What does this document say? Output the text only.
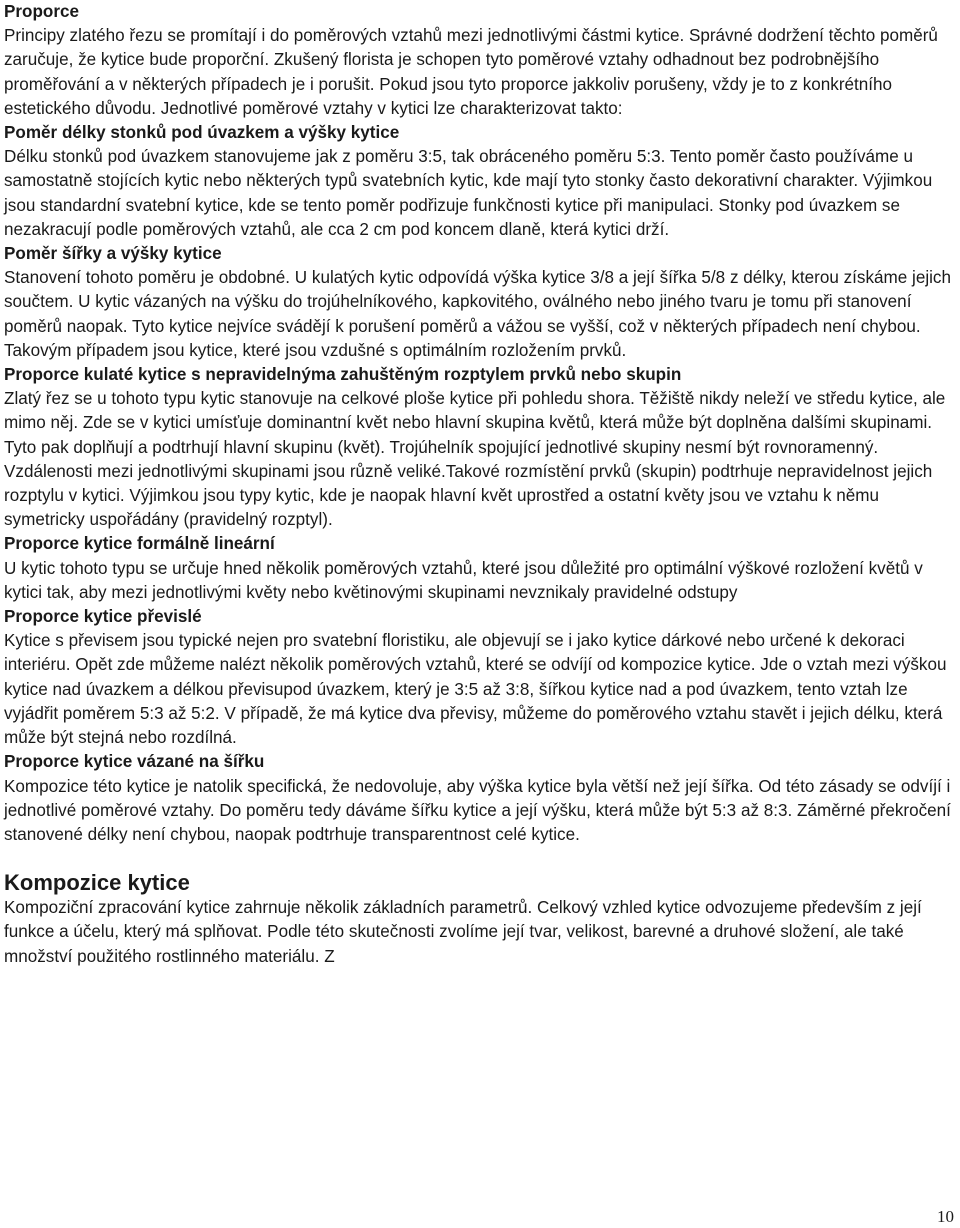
Proporce

Principy zlatého řezu se promítají i do poměrových vztahů mezi jednotlivými částmi kytice. Správné dodržení těchto poměrů zaručuje, že kytice bude proporční. Zkušený florista je schopen tyto poměrové vztahy odhadnout bez podrobnějšího proměřování a v některých případech je i porušit. Pokud jsou tyto proporce jakkoliv porušeny, vždy je to z konkrétního estetického důvodu. Jednotlivé poměrové vztahy v kytici lze charakterizovat takto:

Poměr délky stonků pod úvazkem a výšky kytice

Délku stonků pod úvazkem stanovujeme jak z poměru 3:5, tak obráceného poměru 5:3. Tento poměr často používáme u samostatně stojících kytic nebo některých typů svatebních kytic, kde mají tyto stonky často dekorativní charakter. Výjimkou jsou standardní svatební kytice, kde se tento poměr podřizuje funkčnosti kytice při manipulaci. Stonky pod úvazkem se nezakracují podle poměrových vztahů, ale cca 2 cm pod koncem dlaně, která kytici drží.

Poměr šířky a výšky kytice

Stanovení tohoto poměru je obdobné. U kulatých kytic odpovídá výška kytice 3/8 a její šířka 5/8 z délky, kterou získáme jejich součtem. U kytic vázaných na výšku do trojúhelníkového, kapkovitého, oválného nebo jiného tvaru je tomu při stanovení poměrů naopak. Tyto kytice nejvíce svádějí k porušení poměrů a vážou se vyšší, což v některých případech není chybou. Takovým případem jsou kytice, které jsou vzdušné s optimálním rozložením prvků.

Proporce kulaté kytice s nepravidelnýma zahuštěným rozptylem prvků nebo skupin

Zlatý řez se u tohoto typu kytic stanovuje na celkové ploše kytice při pohledu shora. Těžiště nikdy neleží ve středu kytice, ale mimo něj. Zde se v kytici umísťuje dominantní květ nebo hlavní skupina květů, která může být doplněna dalšími skupinami. Tyto pak doplňují a podtrhují hlavní skupinu (květ). Trojúhelník spojující jednotlivé skupiny nesmí být rovnoramenný. Vzdálenosti mezi jednotlivými skupinami jsou různě veliké.Takové rozmístění prvků (skupin) podtrhuje nepravidelnost jejich rozptylu v kytici. Výjimkou jsou typy kytic, kde je naopak hlavní květ uprostřed a ostatní květy jsou ve vztahu k němu symetricky uspořádány (pravidelný rozptyl).

Proporce kytice formálně lineární

U kytic tohoto typu se určuje hned několik poměrových vztahů, které jsou důležité pro optimální výškové rozložení květů v kytici tak, aby mezi jednotlivými květy nebo květinovými skupinami nevznikaly pravidelné odstupy

Proporce kytice převislé

Kytice s převisem jsou typické nejen pro svatební floristiku, ale objevují se i jako kytice dárkové nebo určené k dekoraci interiéru. Opět zde můžeme nalézt několik poměrových vztahů, které se odvíjí od kompozice kytice. Jde o vztah mezi výškou kytice nad úvazkem a délkou převisupod úvazkem, který je 3:5 až 3:8, šířkou kytice nad a pod úvazkem, tento vztah lze vyjádřit poměrem 5:3 až 5:2. V případě, že má kytice dva převisy, můžeme do poměrového vztahu stavět i jejich délku, která může být stejná nebo rozdílná.

Proporce kytice vázané na šířku

Kompozice této kytice je natolik specifická, že nedovoluje, aby výška kytice byla větší než její šířka. Od této zásady se odvíjí i jednotlivé poměrové vztahy. Do poměru tedy dáváme šířku kytice a její výšku, která může být 5:3 až 8:3. Záměrné překročení stanovené délky není chybou, naopak podtrhuje transparentnost celé kytice.

Kompozice kytice

Kompoziční zpracování kytice zahrnuje několik základních parametrů. Celkový vzhled kytice odvozujeme především z její funkce a účelu, který má splňovat. Podle této skutečnosti zvolíme její tvar, velikost, barevné a druhové složení, ale také množství použitého rostlinného materiálu. Z

10
